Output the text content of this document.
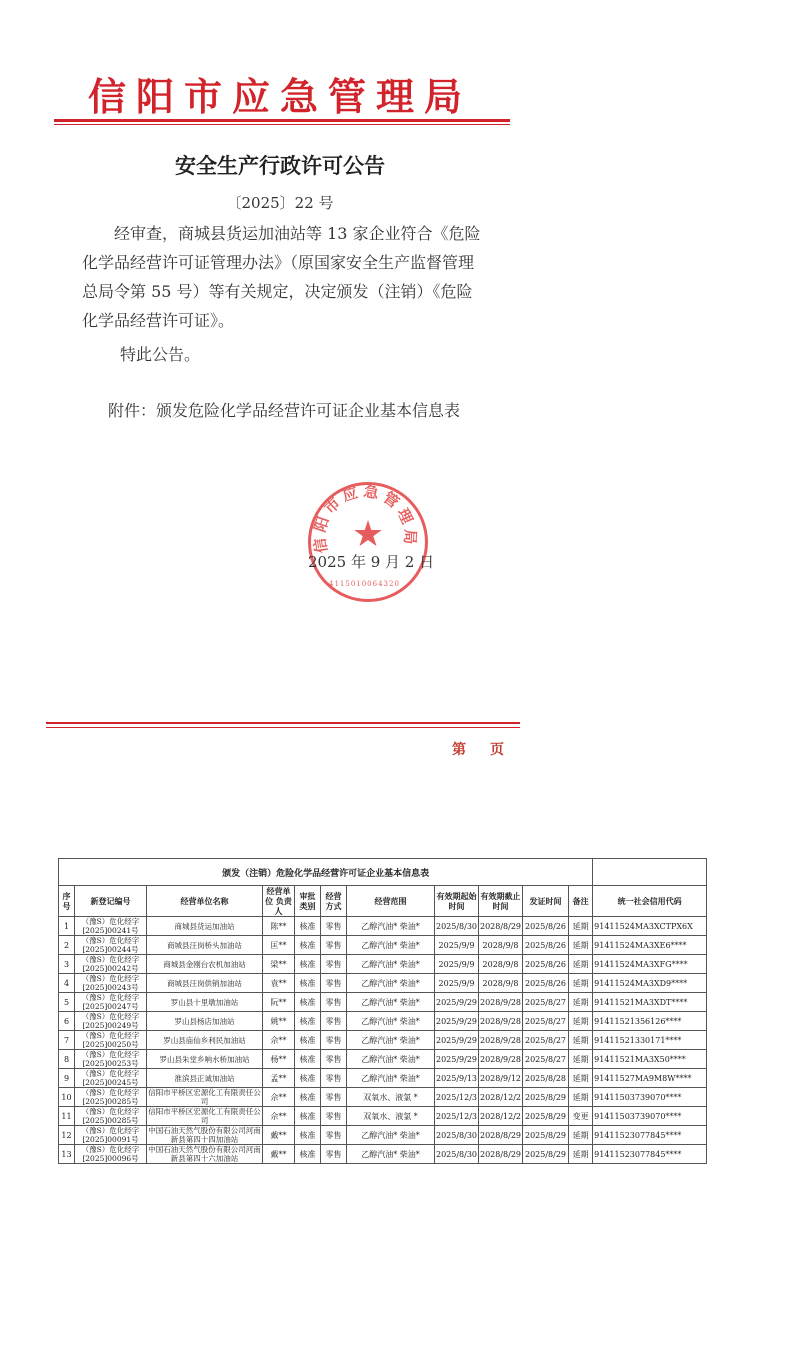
信阳市应急管理局
安全生产行政许可公告
〔2025〕22 号
经审查，商城县货运加油站等 13 家企业符合《危险化学品经营许可证管理办法》（原国家安全生产监督管理总局令第 55 号）等有关规定，决定颁发（注销）《危险化学品经营许可证》。
特此公告。
附件：颁发危险化学品经营许可证企业基本信息表
信阳市应急管理局
★
4115010064320
2025 年 9 月 2 日
第 页
颁发（注销）危险化学品经营许可证企业基本信息表											
序号	新登记编号	经营单位名称	经营单位 负责人	审批类别	经营方式	经营范围	有效期起始时间	有效期截止时间	发证时间	备注	统一社会信用代码
1	（豫S）危化经字[2025]00241号	商城县货运加油站	陈**	核准	零售	乙醇汽油* 柴油*	2025/8/30	2028/8/29	2025/8/26	延期	91411524MA3XCTPX6X
2	（豫S）危化经字[2025]00244号	商城县汪岗桥头加油站	匡**	核准	零售	乙醇汽油* 柴油*	2025/9/9	2028/9/8	2025/8/26	延期	91411524MA3XE6****
3	（豫S）危化经字[2025]00242号	商城县金刚台农机加油站	梁**	核准	零售	乙醇汽油* 柴油*	2025/9/9	2028/9/8	2025/8/26	延期	91411524MA3XFG****
4	（豫S）危化经字[2025]00243号	商城县汪岗供销加油站	袁**	核准	零售	乙醇汽油* 柴油*	2025/9/9	2028/9/8	2025/8/26	延期	91411524MA3XD9****
5	（豫S）危化经字[2025]00247号	罗山县十里墩加油站	阮**	核准	零售	乙醇汽油* 柴油*	2025/9/29	2028/9/28	2025/8/27	延期	91411521MA3XDT****
6	（豫S）危化经字[2025]00249号	罗山县杨店加油站	姚**	核准	零售	乙醇汽油* 柴油*	2025/9/29	2028/9/28	2025/8/27	延期	914115213561​26****
7	（豫S）危化经字[2025]00250号	罗山县庙仙乡利民加油站	佘**	核准	零售	乙醇汽油* 柴油*	2025/9/29	2028/9/28	2025/8/27	延期	91411521330171****
8	（豫S）危化经字[2025]00253号	罗山县朱堂乡响水桥加油站	杨**	核准	零售	乙醇汽油* 柴油*	2025/9/29	2028/9/28	2025/8/27	延期	91411521MA3X50****
9	（豫S）危化经字[2025]00245号	淮滨县正诚加油站	孟**	核准	零售	乙醇汽油* 柴油*	2025/9/13	2028/9/12	2025/8/28	延期	91411527MA9M8W****
10	（豫S）危化经字[2025]00285号	信阳市平桥区宏源化工有限责任公司	佘**	核准	零售	双氧水、液氯 *	2025/12/3	2028/12/2	2025/8/29	延期	91411503739070****
11	（豫S）危化经字[2025]00285号	信阳市平桥区宏源化工有限责任公司	佘**	核准	零售	双氧水、液氯 *	2025/12/3	2028/12/2	2025/8/29	变更	91411503739070****
12	（豫S）危化经字[2025]00091号	中国石油天然气股份有限公司河南新县第四十四加油站	戴**	核准	零售	乙醇汽油* 柴油*	2025/8/30	2028/8/29	2025/8/29	延期	91411523077845****
13	（豫S）危化经字[2025]00096号	中国石油天然气股份有限公司河南新县第四十六加油站	戴**	核准	零售	乙醇汽油* 柴油*	2025/8/30	2028/8/29	2025/8/29	延期	91411523077845****
